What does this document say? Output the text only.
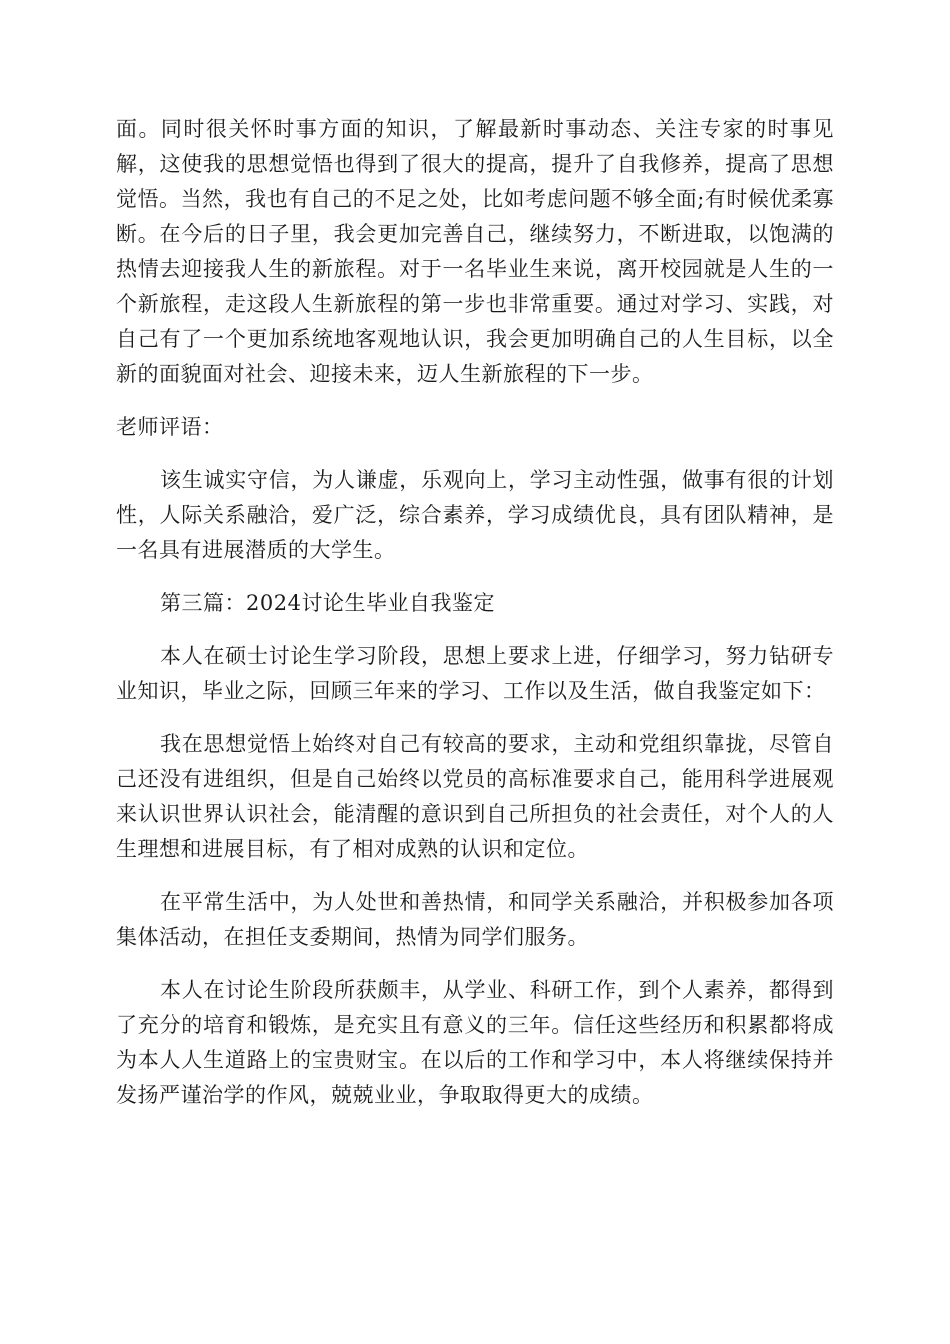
面。同时很关怀时事方面的知识，了解最新时事动态、关注专家的时事见解，这使我的思想觉悟也得到了很大的提高，提升了自我修养，提高了思想觉悟。当然，我也有自己的不足之处，比如考虑问题不够全面;有时候优柔寡断。在今后的日子里，我会更加完善自己，继续努力，不断进取，以饱满的热情去迎接我人生的新旅程。对于一名毕业生来说，离开校园就是人生的一个新旅程，走这段人生新旅程的第一步也非常重要。通过对学习、实践，对自己有了一个更加系统地客观地认识，我会更加明确自己的人生目标，以全新的面貌面对社会、迎接未来，迈人生新旅程的下一步。

老师评语：

该生诚实守信，为人谦虚，乐观向上，学习主动性强，做事有很的计划性，人际关系融洽，爱广泛，综合素养，学习成绩优良，具有团队精神，是一名具有进展潜质的大学生。

第三篇：2024讨论生毕业自我鉴定

本人在硕士讨论生学习阶段，思想上要求上进，仔细学习，努力钻研专业知识，毕业之际，回顾三年来的学习、工作以及生活，做自我鉴定如下：

我在思想觉悟上始终对自己有较高的要求，主动和党组织靠拢，尽管自己还没有进组织，但是自己始终以党员的高标准要求自己，能用科学进展观来认识世界认识社会，能清醒的意识到自己所担负的社会责任，对个人的人生理想和进展目标，有了相对成熟的认识和定位。

在平常生活中，为人处世和善热情，和同学关系融洽，并积极参加各项集体活动，在担任支委期间，热情为同学们服务。

本人在讨论生阶段所获颇丰，从学业、科研工作，到个人素养，都得到了充分的培育和锻炼，是充实且有意义的三年。信任这些经历和积累都将成为本人人生道路上的宝贵财宝。在以后的工作和学习中，本人将继续保持并发扬严谨治学的作风，兢兢业业，争取取得更大的成绩。
